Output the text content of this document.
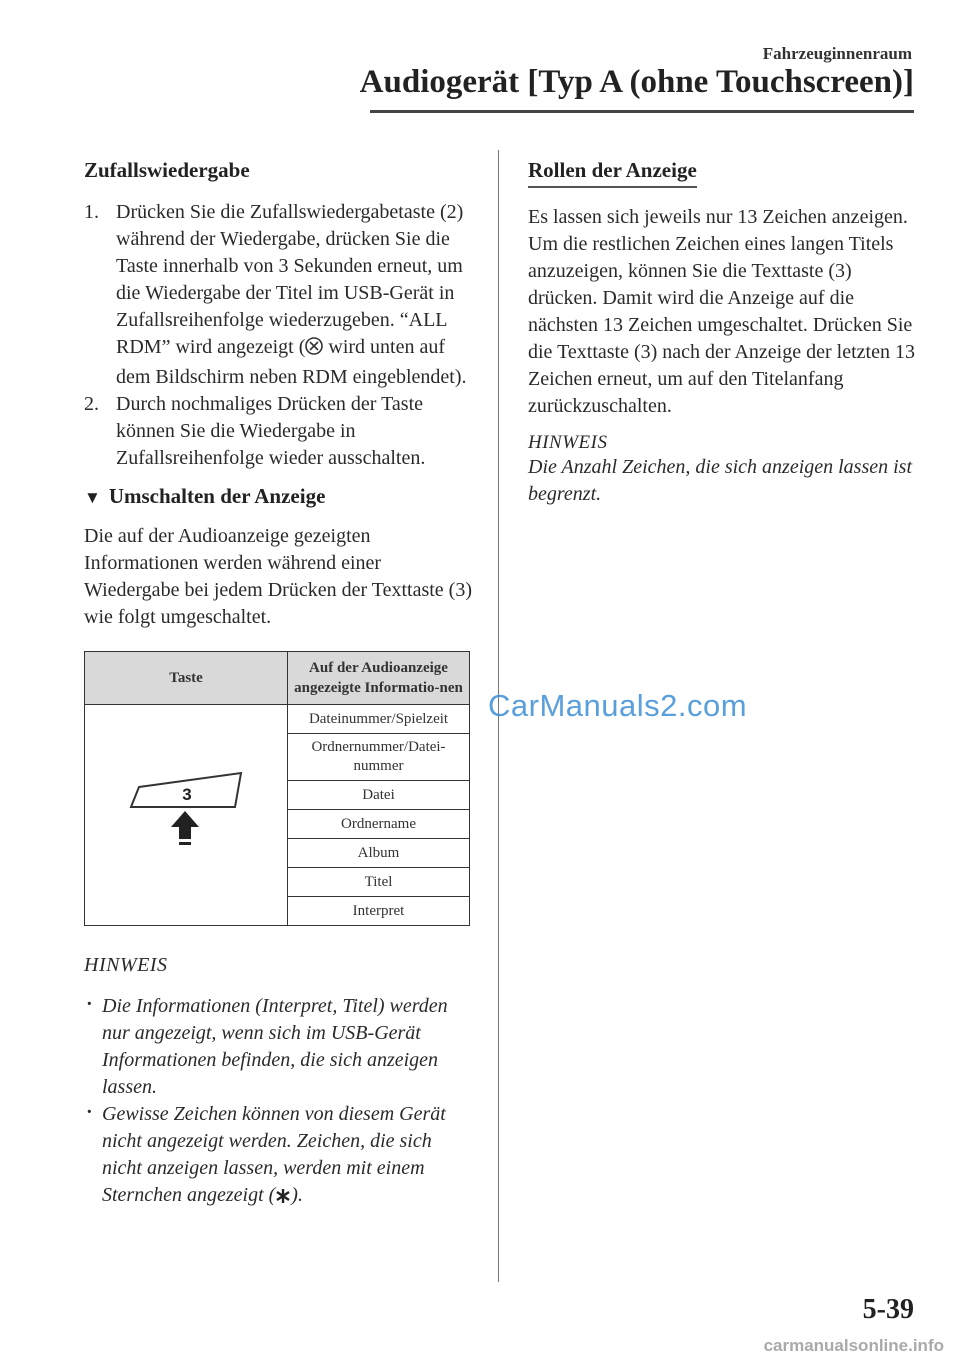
Fahrzeuginnenraum
Audiogerät [Typ A (ohne Touchscreen)]
Zufallswiedergabe
1. Drücken Sie die Zufallswiedergabetaste (2) während der Wiedergabe, drücken Sie die Taste innerhalb von 3 Sekunden erneut, um die Wiedergabe der Titel im USB-Gerät in Zufallsreihenfolge wiederzugeben. “ALL RDM” wird angezeigt ( wird unten auf dem Bildschirm neben RDM eingeblendet).
2. Durch nochmaliges Drücken der Taste können Sie die Wiedergabe in Zufallsreihenfolge wieder ausschalten.
▼ Umschalten der Anzeige

Die auf der Audioanzeige gezeigten Informationen werden während einer Wiedergabe bei jedem Drücken der Texttaste (3) wie folgt umgeschaltet.

Taste	Auf der Audioanzeige angezeigte Informatio-nen

3	Dateinummer/Spielzeit
	Ordnernummer/Datei-nummer
	Datei
	Ordnername
	Album
	Titel
	Interpret
HINWEIS
· Die Informationen (Interpret, Titel) werden nur angezeigt, wenn sich im USB-Gerät Informationen befinden, die sich anzeigen lassen.
· Gewisse Zeichen können von diesem Gerät nicht angezeigt werden. Zeichen, die sich nicht anzeigen lassen, werden mit einem Sternchen angezeigt ( ).
Rollen der Anzeige

Es lassen sich jeweils nur 13 Zeichen anzeigen. Um die restlichen Zeichen eines langen Titels anzuzeigen, können Sie die Texttaste (3) drücken. Damit wird die Anzeige auf die nächsten 13 Zeichen umgeschaltet. Drücken Sie die Texttaste (3) nach der Anzeige der letzten 13 Zeichen erneut, um auf den Titelanfang zurückzuschalten.

HINWEIS

Die Anzahl Zeichen, die sich anzeigen lassen ist begrenzt.

CarManuals2.com
5-39
carmanualsonline.info
